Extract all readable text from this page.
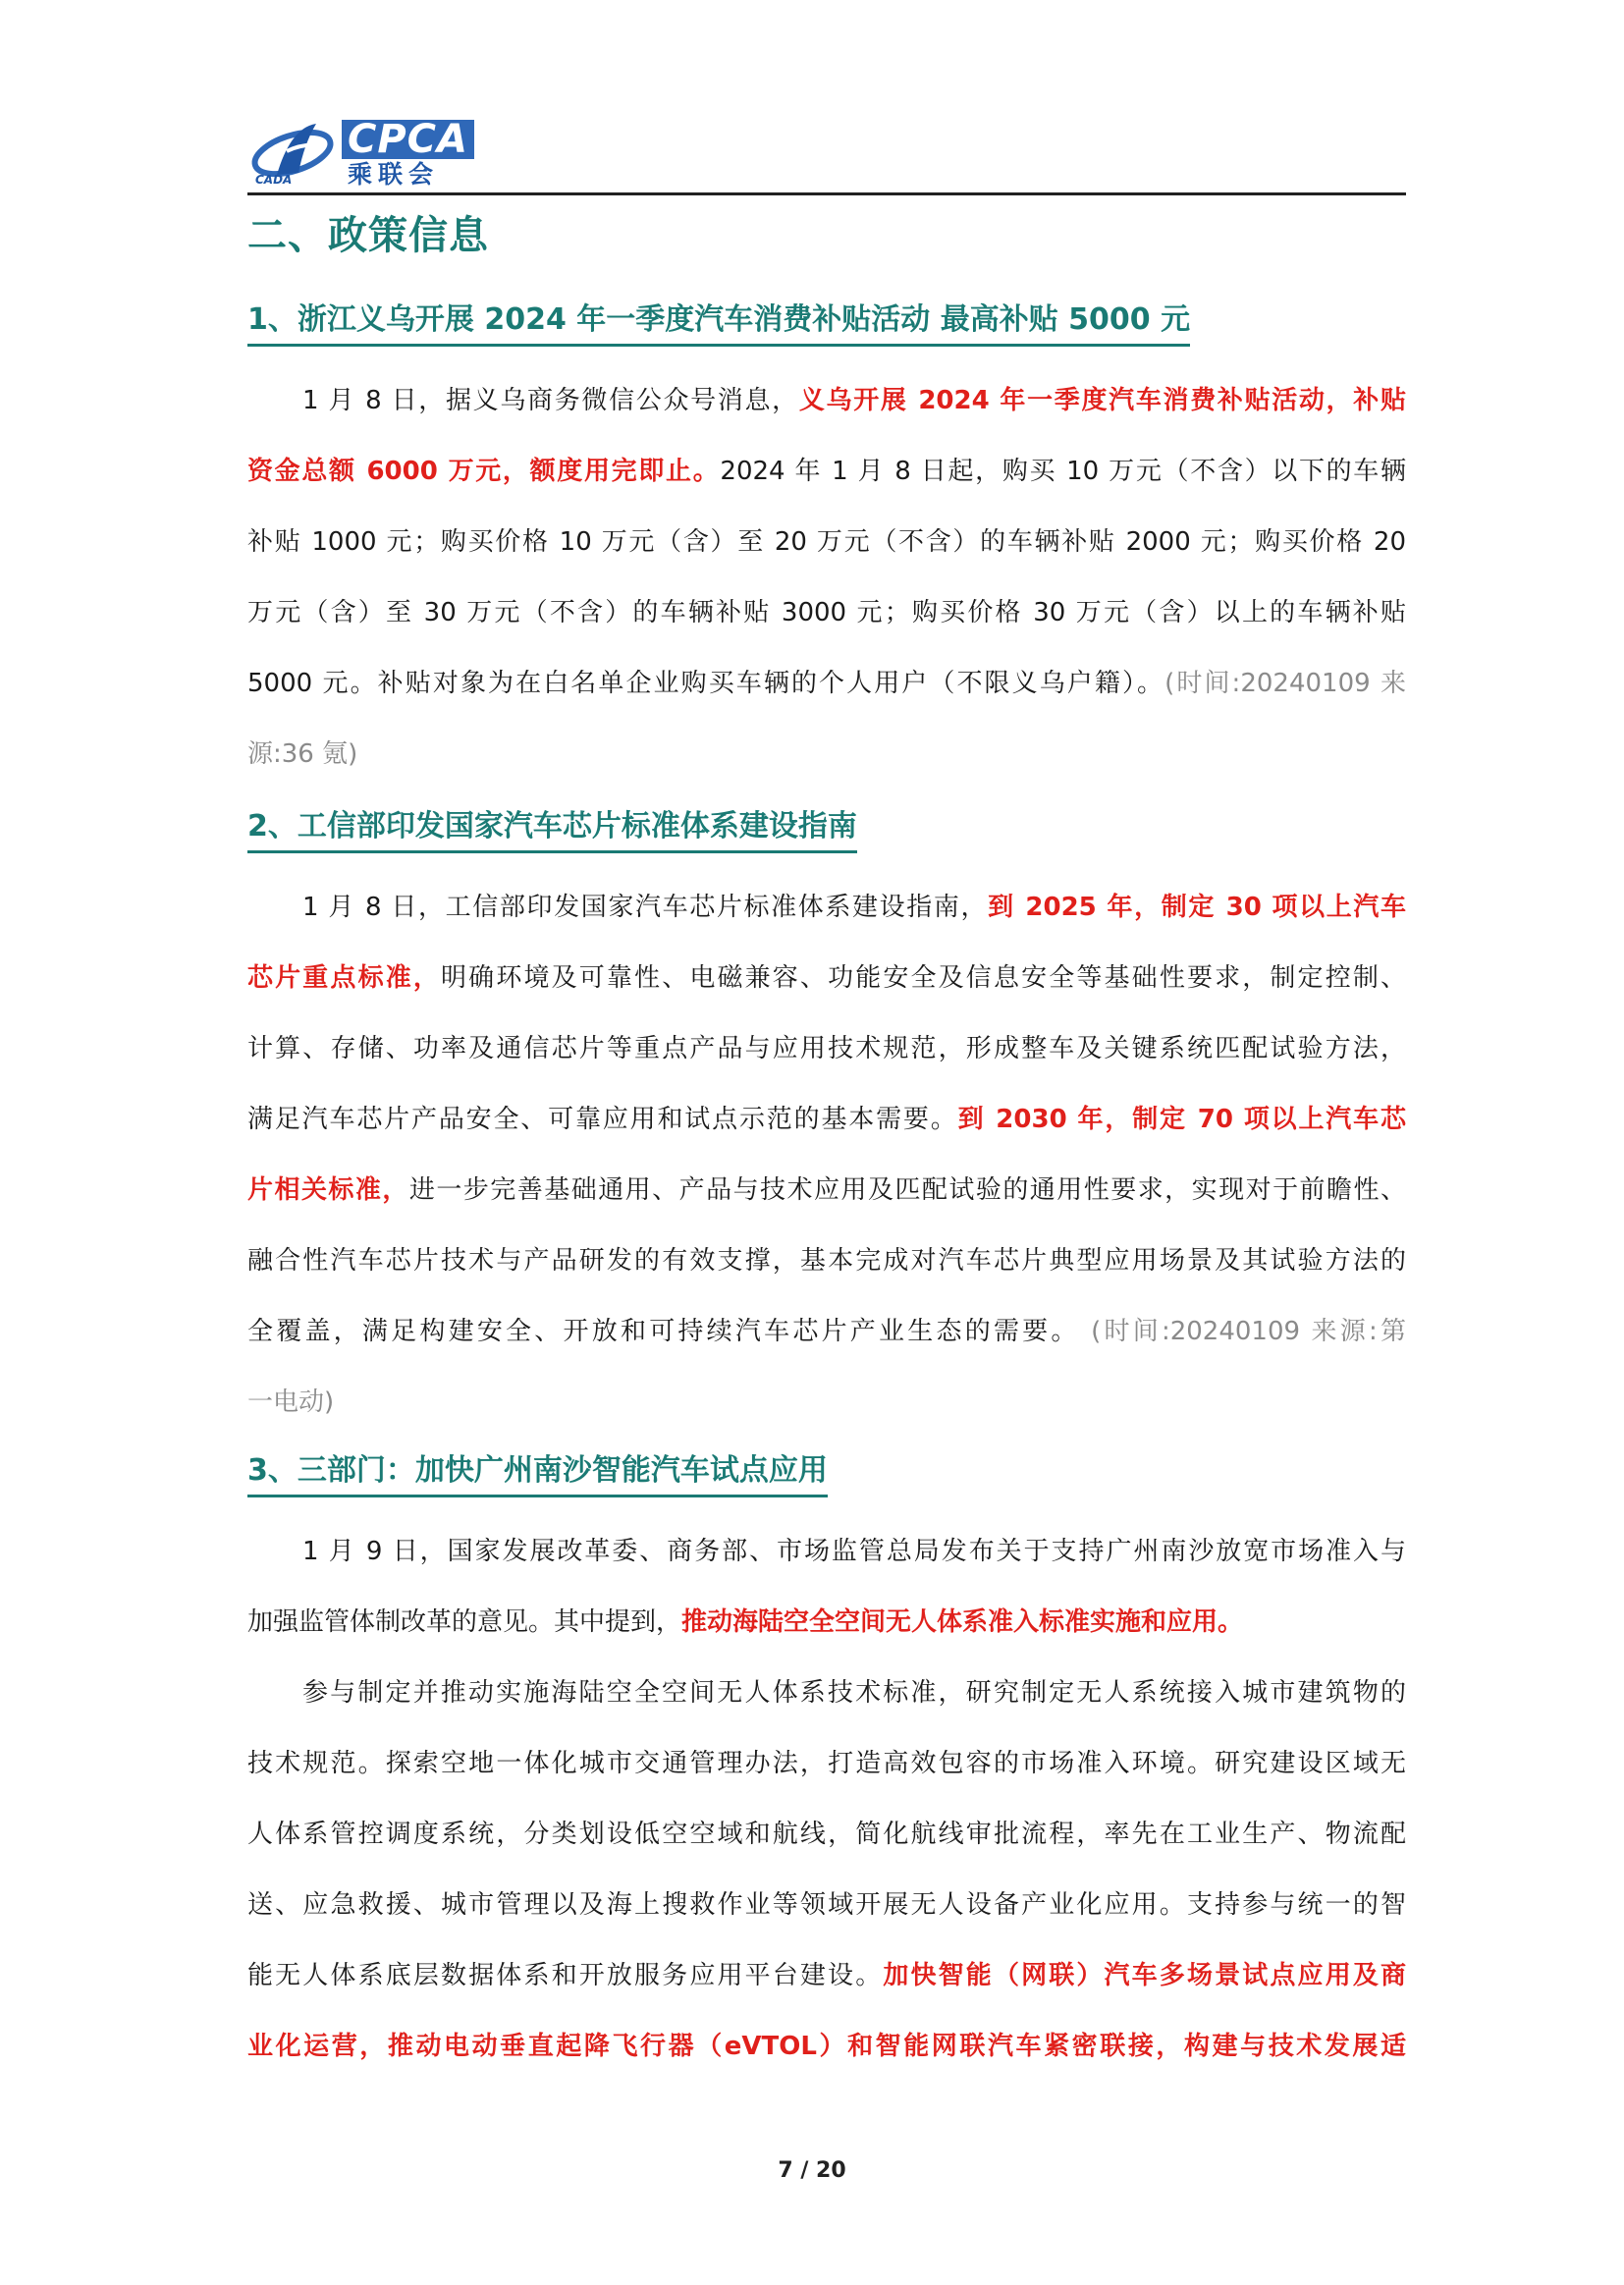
CPCA
乘联会
CADA
二、政策信息
1、浙江义乌开展 2024 年一季度汽车消费补贴活动 最高补贴 5000 元
1 月 8 日，据义乌商务微信公众号消息，义乌开展 2024 年一季度汽车消费补贴活动，补贴
资金总额 6000 万元，额度用完即止。2024 年 1 月 8 日起，购买 10 万元（不含）以下的车辆
补贴 1000 元；购买价格 10 万元（含）至 20 万元（不含）的车辆补贴 2000 元；购买价格 20
万元（含）至 30 万元（不含）的车辆补贴 3000 元；购买价格 30 万元（含）以上的车辆补贴
5000 元。补贴对象为在白名单企业购买车辆的个人用户（不限义乌户籍）。(时间:20240109 来
源:36 氪)
2、工信部印发国家汽车芯片标准体系建设指南
1 月 8 日，工信部印发国家汽车芯片标准体系建设指南，到 2025 年，制定 30 项以上汽车
芯片重点标准，明确环境及可靠性、电磁兼容、功能安全及信息安全等基础性要求，制定控制、
计算、存储、功率及通信芯片等重点产品与应用技术规范，形成整车及关键系统匹配试验方法，
满足汽车芯片产品安全、可靠应用和试点示范的基本需要。到 2030 年，制定 70 项以上汽车芯
片相关标准，进一步完善基础通用、产品与技术应用及匹配试验的通用性要求，实现对于前瞻性、
融合性汽车芯片技术与产品研发的有效支撑，基本完成对汽车芯片典型应用场景及其试验方法的
全覆盖，满足构建安全、开放和可持续汽车芯片产业生态的需要。 (时间:20240109 来源:第
一电动)
3、三部门：加快广州南沙智能汽车试点应用
1 月 9 日，国家发展改革委、商务部、市场监管总局发布关于支持广州南沙放宽市场准入与
加强监管体制改革的意见。其中提到，推动海陆空全空间无人体系准入标准实施和应用。
参与制定并推动实施海陆空全空间无人体系技术标准，研究制定无人系统接入城市建筑物的
技术规范。探索空地一体化城市交通管理办法，打造高效包容的市场准入环境。研究建设区域无
人体系管控调度系统，分类划设低空空域和航线，简化航线审批流程，率先在工业生产、物流配
送、应急救援、城市管理以及海上搜救作业等领域开展无人设备产业化应用。支持参与统一的智
能无人体系底层数据体系和开放服务应用平台建设。加快智能（网联）汽车多场景试点应用及商
业化运营，推动电动垂直起降飞行器（eVTOL）和智能网联汽车紧密联接，构建与技术发展适
7 / 20
